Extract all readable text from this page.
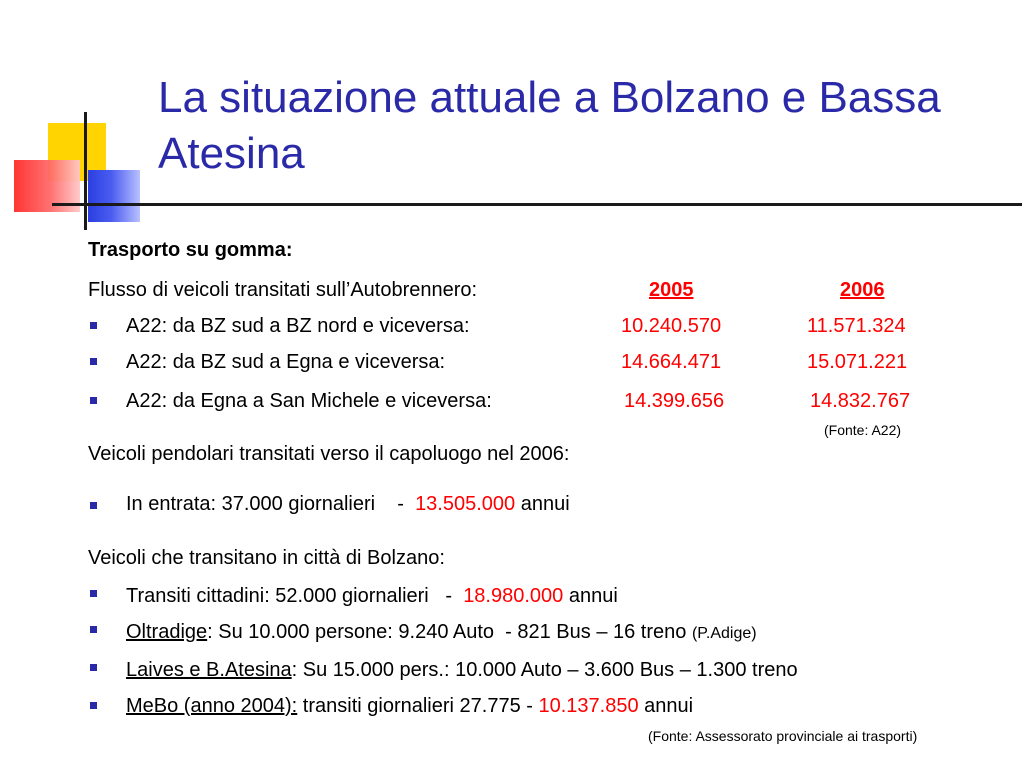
La situazione attuale a Bolzano e Bassa Atesina
Trasporto su gomma:
Flusso di veicoli transitati sull’Autobrennero:	2005	2006
A22: da BZ sud a BZ nord e viceversa:	10.240.570	11.571.324
A22: da BZ sud a Egna e viceversa:	14.664.471	15.071.221
A22: da Egna a San Michele e viceversa:	14.399.656	14.832.767
(Fonte: A22)
Veicoli pendolari transitati verso il capoluogo nel 2006:
In entrata: 37.000 giornalieri    -  13.505.000 annui
Veicoli che transitano in città di Bolzano:
Transiti cittadini: 52.000 giornalieri   -  18.980.000 annui
Oltradige: Su 10.000 persone: 9.240 Auto  - 821 Bus – 16 treno (P.Adige)
Laives e B.Atesina: Su 15.000 pers.: 10.000 Auto – 3.600 Bus – 1.300 treno
MeBo (anno 2004): transiti giornalieri 27.775 - 10.137.850 annui
(Fonte: Assessorato provinciale ai trasporti)
